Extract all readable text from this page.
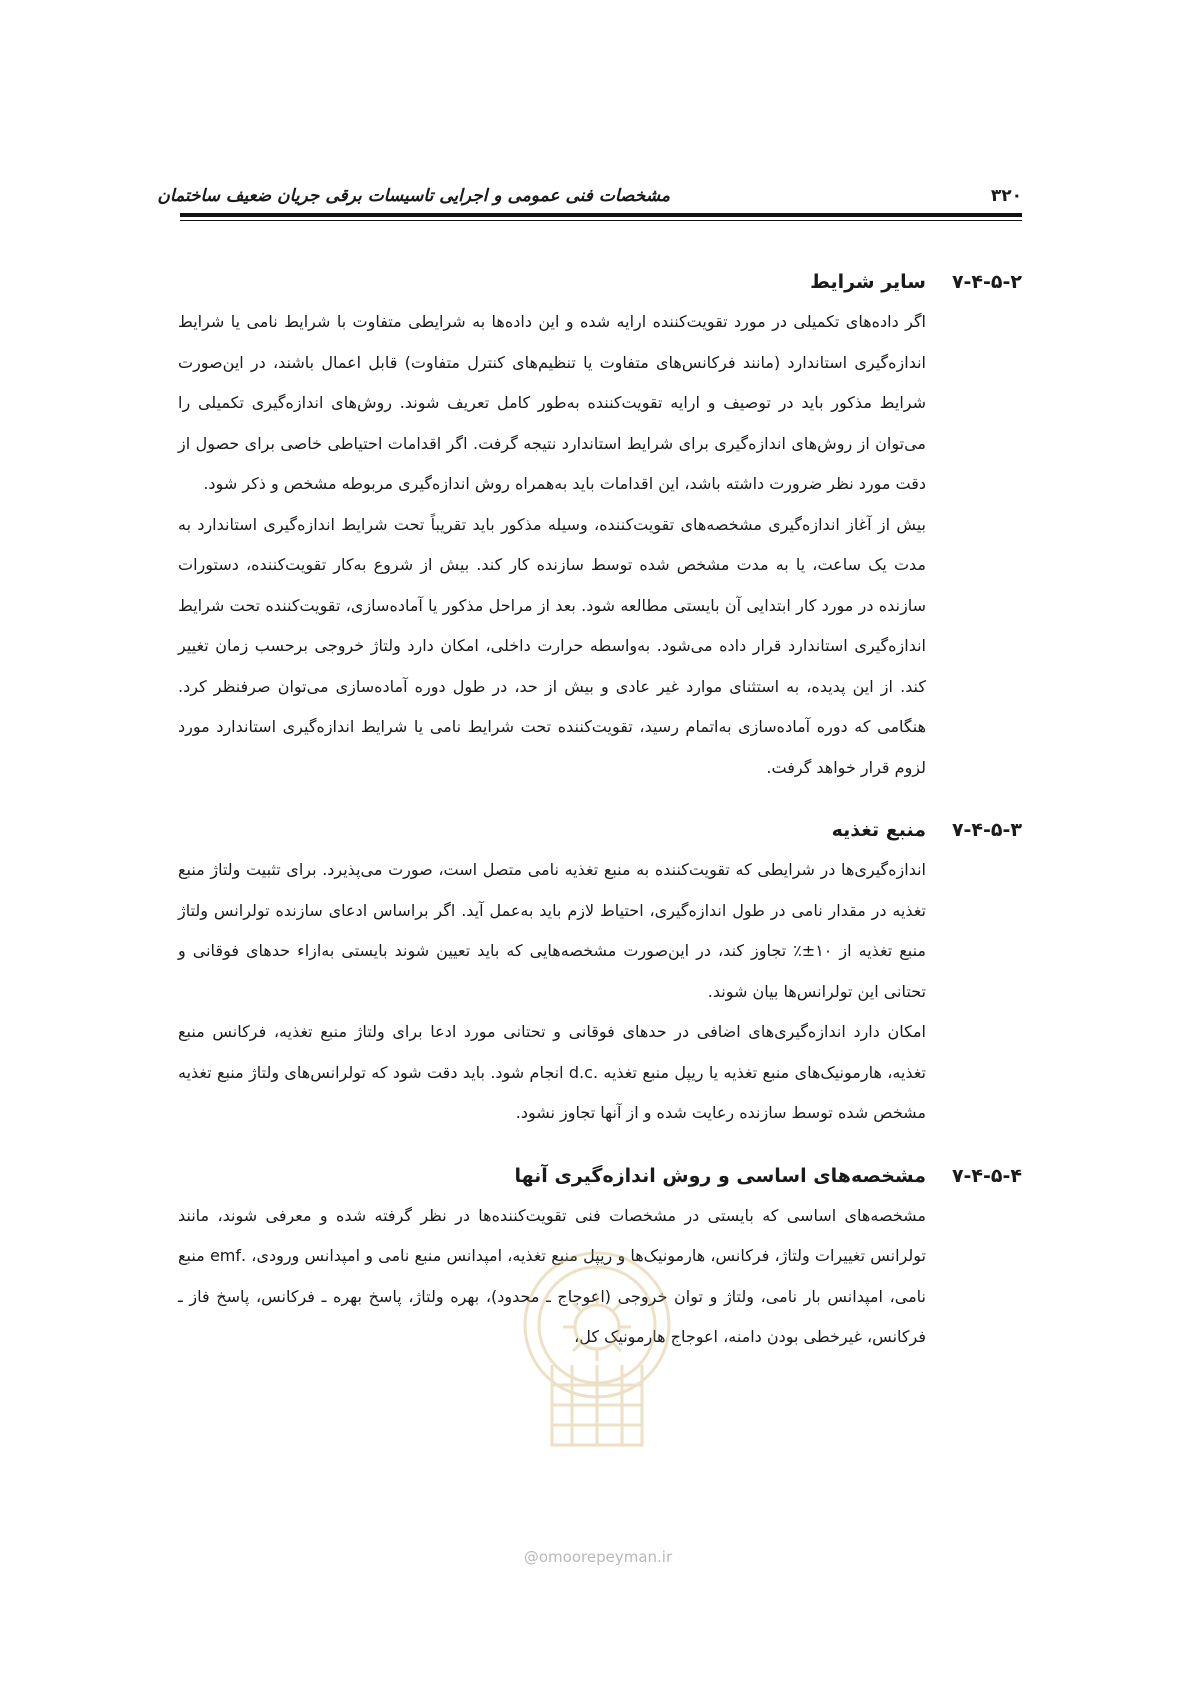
مشخصات فنی عمومی و اجرایی تاسیسات برقی جریان ضعیف ساختمان	۳۲۰
۷-۴-۵-۲
سایر شرایط

اگر داده‌های تکمیلی در مورد تقویت‌کننده ارایه شده و این داده‌ها به شرایطی متفاوت با شرایط نامی یا شرایط اندازه‌گیری استاندارد (مانند فرکانس‌های متفاوت یا تنظیم‌های کنترل متفاوت) قابل اعمال باشند، در این‌صورت شرایط مذکور باید در توصیف و ارایه تقویت‌کننده به‌طور کامل تعریف شوند. روش‌های اندازه‌گیری تکمیلی را می‌توان از روش‌های اندازه‌گیری برای شرایط استاندارد نتیجه گرفت. اگر اقدامات احتیاطی خاصی برای حصول از دقت مورد نظر ضرورت داشته باشد، این اقدامات باید به‌همراه روش اندازه‌گیری مربوطه مشخص و ذکر شود.

بیش از آغاز اندازه‌گیری مشخصه‌های تقویت‌کننده، وسیله مذکور باید تقریباً تحت شرایط اندازه‌گیری استاندارد به مدت یک ساعت، یا به مدت مشخص شده توسط سازنده کار کند. بیش از شروع به‌کار تقویت‌کننده، دستورات سازنده در مورد کار ابتدایی آن بایستی مطالعه شود. بعد از مراحل مذکور یا آماده‌سازی، تقویت‌کننده تحت شرایط اندازه‌گیری استاندارد قرار داده می‌شود. به‌واسطه حرارت داخلی، امکان دارد ولتاژ خروجی برحسب زمان تغییر کند. از این پدیده، به استثنای موارد غیر عادی و بیش از حد، در طول دوره آماده‌سازی می‌توان صرفنظر کرد. هنگامی که دوره آماده‌سازی به‌اتمام رسید، تقویت‌کننده تحت شرایط نامی یا شرایط اندازه‌گیری استاندارد مورد لزوم قرار خواهد گرفت.

۷-۴-۵-۳
منبع تغذیه

اندازه‌گیری‌ها در شرایطی که تقویت‌کننده به منبع تغذیه نامی متصل است، صورت می‌پذیرد. برای تثبیت ولتاژ منبع تغذیه در مقدار نامی در طول اندازه‌گیری، احتیاط لازم باید به‌عمل آید. اگر براساس ادعای سازنده تولرانس ولتاژ منبع تغذیه از ۱۰±٪ تجاوز کند، در این‌صورت مشخصه‌هایی که باید تعیین شوند بایستی به‌ازاء حدهای فوقانی و تحتانی این تولرانس‌ها بیان شوند.

امکان دارد اندازه‌گیری‌های اضافی در حدهای فوقانی و تحتانی مورد ادعا برای ولتاژ منبع تغذیه، فرکانس منبع تغذیه، هارمونیک‌های منبع تغذیه یا ریپل منبع تغذیه .d.c انجام شود. باید دقت شود که تولرانس‌های ولتاژ منبع تغذیه مشخص شده توسط سازنده رعایت شده و از آنها تجاوز نشود.

۷-۴-۵-۴
مشخصه‌های اساسی و روش اندازه‌گیری آنها

مشخصه‌های اساسی که بایستی در مشخصات فنی تقویت‌کننده‌ها در نظر گرفته شده و معرفی شوند، مانند تولرانس تغییرات ولتاژ، فرکانس، هارمونیک‌ها و ریپل منبع تغذیه، امپدانس منبع نامی و امپدانس ورودی، .emf منبع نامی، امپدانس بار نامی، ولتاژ و توان خروجی (اعوجاج ـ محدود)، بهره ولتاژ، پاسخ بهره ـ فرکانس، پاسخ فاز ـ فرکانس، غیرخطی بودن دامنه، اعوجاج هارمونیک کل،

@omoorepeyman.ir
